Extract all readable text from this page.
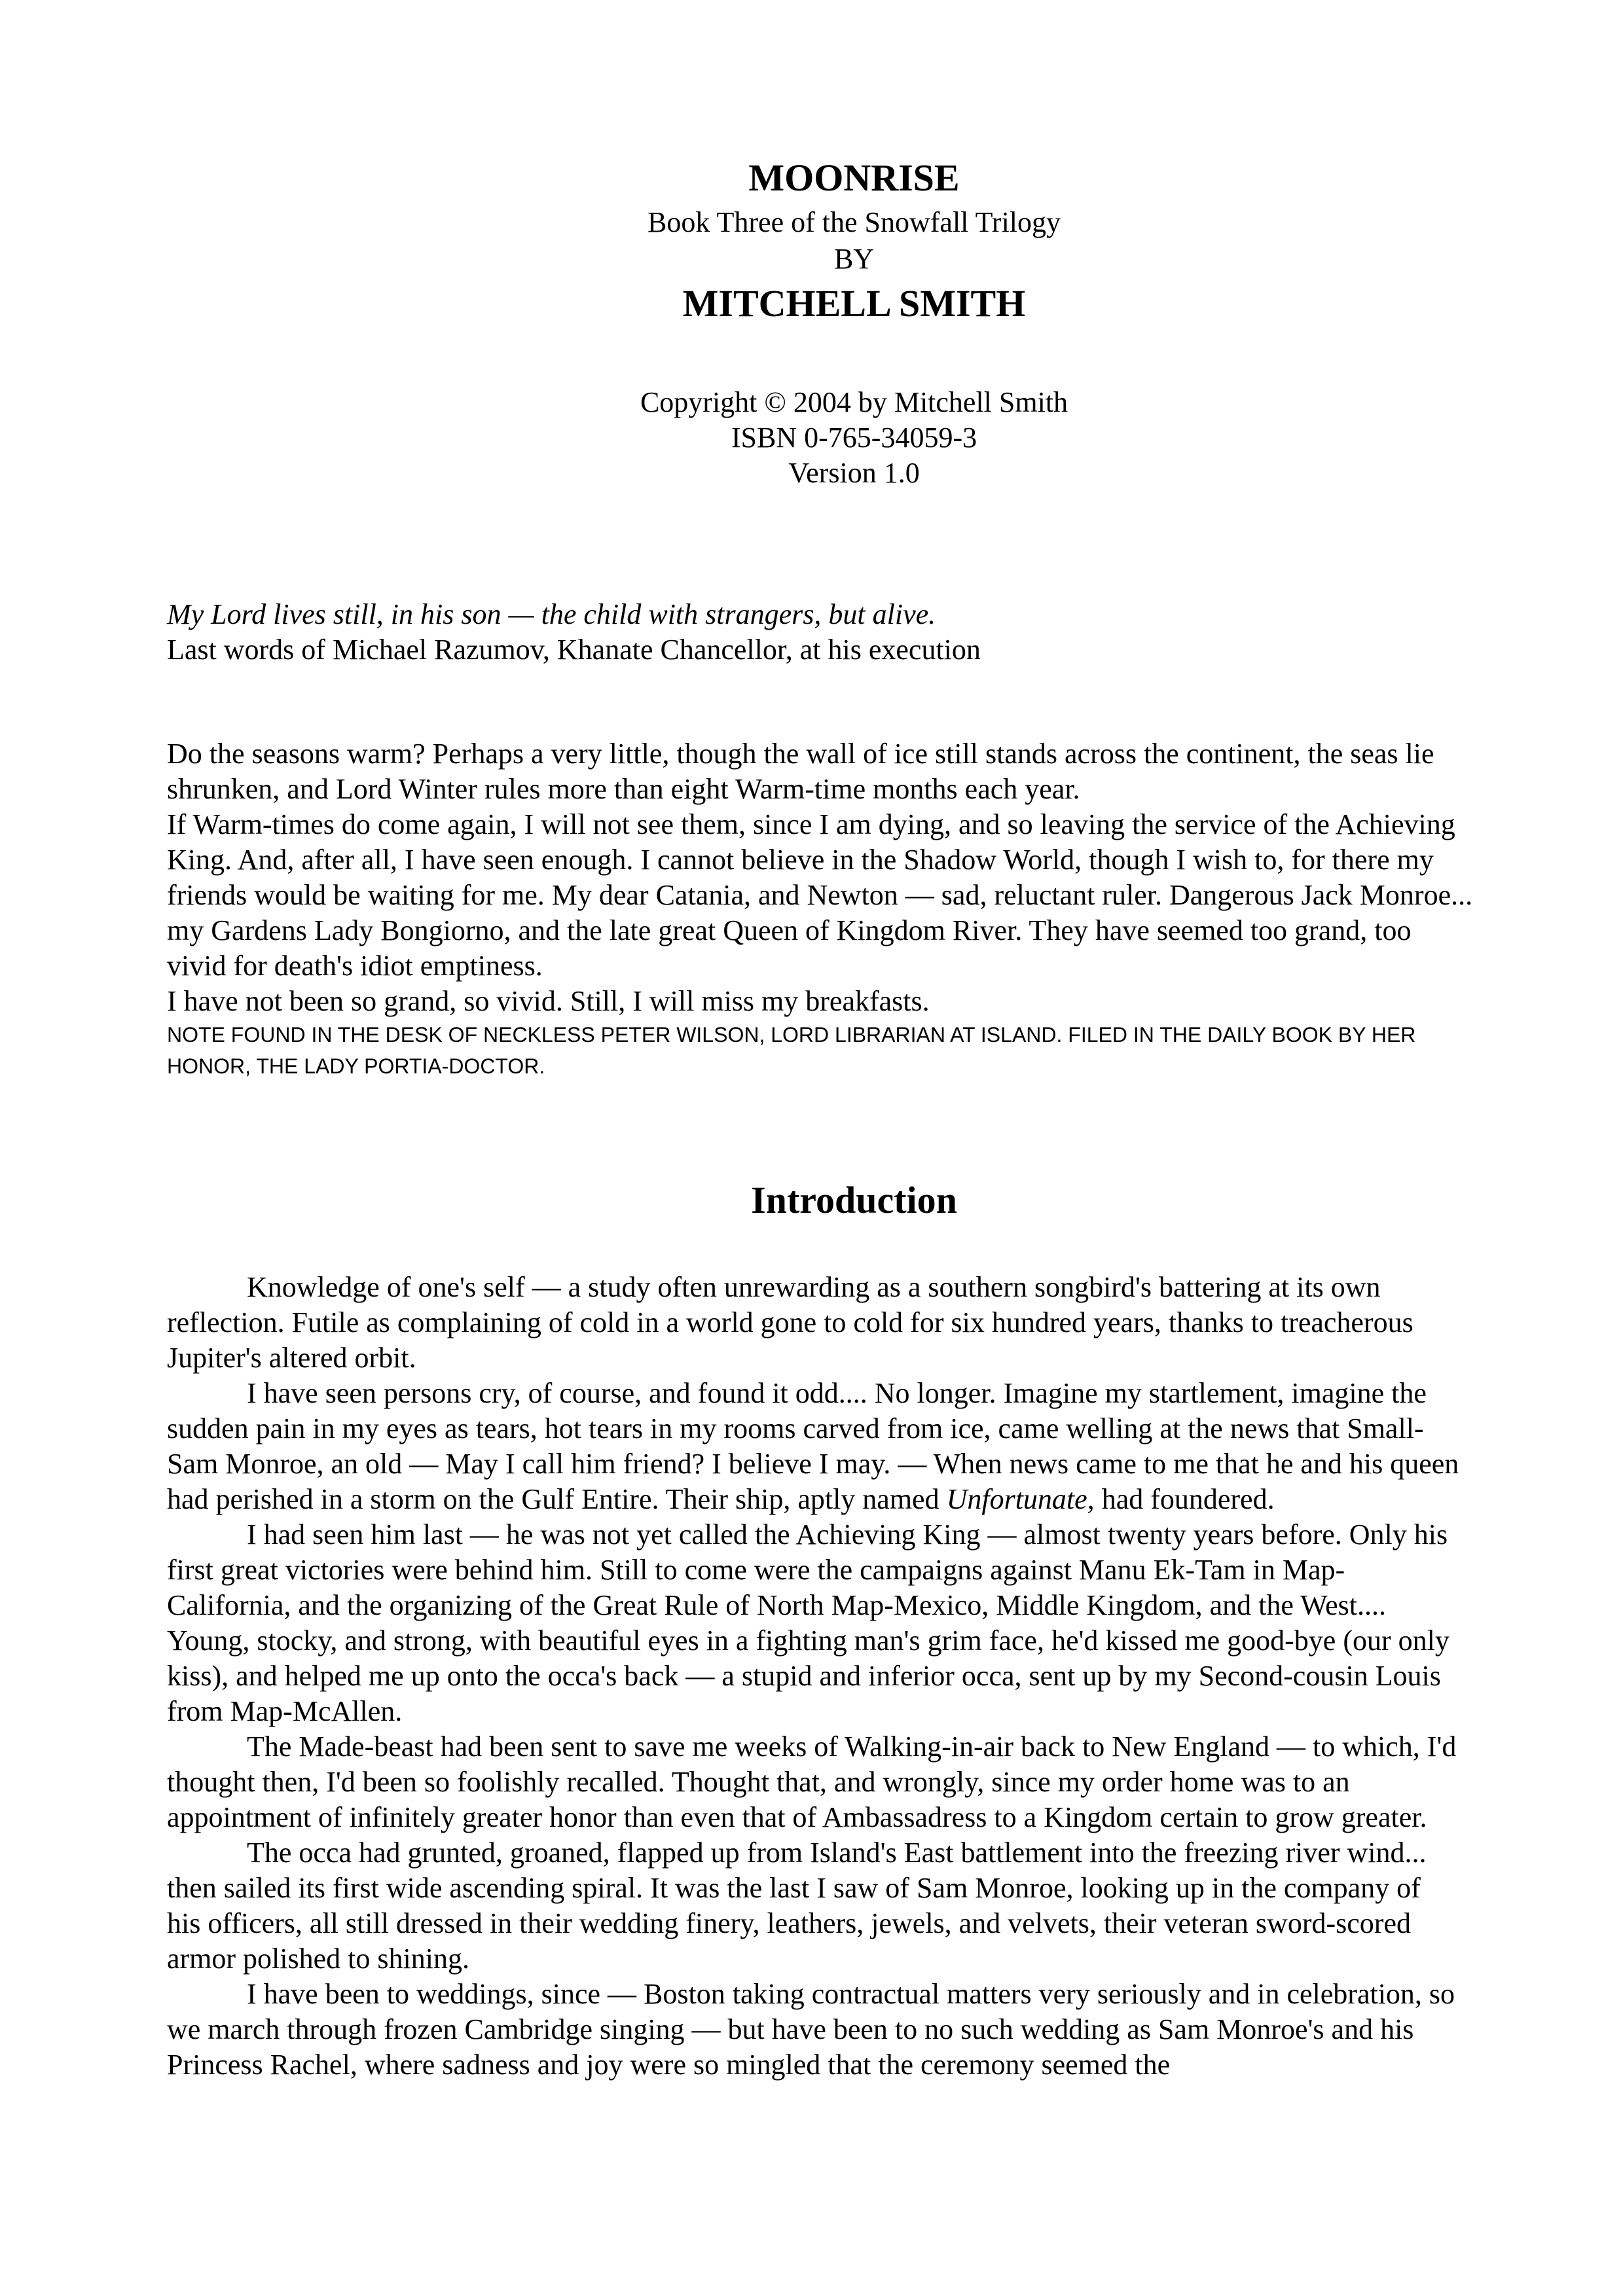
MOONRISE

Book Three of the Snowfall Trilogy

BY

MITCHELL SMITH

Copyright © 2004 by Mitchell Smith

ISBN 0-765-34059-3

Version 1.0

My Lord lives still, in his son — the child with strangers, but alive.

Last words of Michael Razumov, Khanate Chancellor, at his execution

Do the seasons warm? Perhaps a very little, though the wall of ice still stands across the continent, the seas lie shrunken, and Lord Winter rules more than eight Warm-time months each year.

If Warm-times do come again, I will not see them, since I am dying, and so leaving the service of the Achieving King. And, after all, I have seen enough. I cannot believe in the Shadow World, though I wish to, for there my friends would be waiting for me. My dear Catania, and Newton — sad, reluctant ruler. Dangerous Jack Monroe... my Gardens Lady Bongiorno, and the late great Queen of Kingdom River. They have seemed too grand, too vivid for death's idiot emptiness.

I have not been so grand, so vivid. Still, I will miss my breakfasts.

NOTE FOUND IN THE DESK OF NECKLESS PETER WILSON, LORD LIBRARIAN AT ISLAND. FILED IN THE DAILY BOOK BY HER HONOR, THE LADY PORTIA-DOCTOR.

Introduction

Knowledge of one's self — a study often unrewarding as a southern songbird's battering at its own reflection. Futile as complaining of cold in a world gone to cold for six hundred years, thanks to treacherous Jupiter's altered orbit.

I have seen persons cry, of course, and found it odd.... No longer. Imagine my startlement, imagine the sudden pain in my eyes as tears, hot tears in my rooms carved from ice, came welling at the news that Small-Sam Monroe, an old — May I call him friend? I believe I may. — When news came to me that he and his queen had perished in a storm on the Gulf Entire. Their ship, aptly named Unfortunate, had foundered.

I had seen him last — he was not yet called the Achieving King — almost twenty years before. Only his first great victories were behind him. Still to come were the campaigns against Manu Ek-Tam in Map-California, and the organizing of the Great Rule of North Map-Mexico, Middle Kingdom, and the West.... Young, stocky, and strong, with beautiful eyes in a fighting man's grim face, he'd kissed me good-bye (our only kiss), and helped me up onto the occa's back — a stupid and inferior occa, sent up by my Second-cousin Louis from Map-McAllen.

The Made-beast had been sent to save me weeks of Walking-in-air back to New England — to which, I'd thought then, I'd been so foolishly recalled. Thought that, and wrongly, since my order home was to an appointment of infinitely greater honor than even that of Ambassadress to a Kingdom certain to grow greater.

The occa had grunted, groaned, flapped up from Island's East battlement into the freezing river wind... then sailed its first wide ascending spiral. It was the last I saw of Sam Monroe, looking up in the company of his officers, all still dressed in their wedding finery, leathers, jewels, and velvets, their veteran sword-scored armor polished to shining.

I have been to weddings, since — Boston taking contractual matters very seriously and in celebration, so we march through frozen Cambridge singing — but have been to no such wedding as Sam Monroe's and his Princess Rachel, where sadness and joy were so mingled that the ceremony seemed the
